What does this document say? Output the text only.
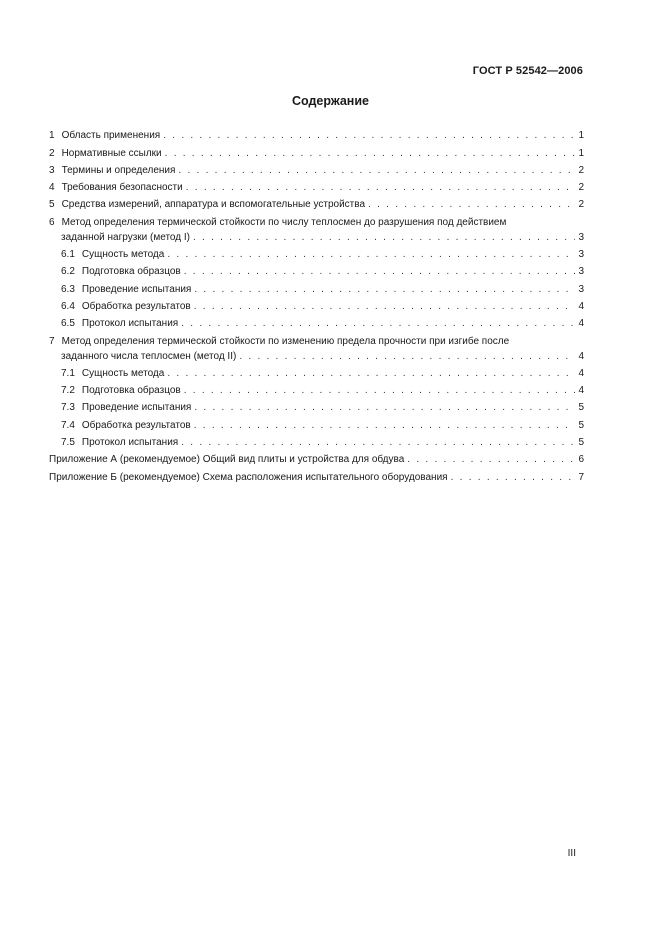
ГОСТ Р 52542—2006
Содержание
1 Область применения . . .	1
2 Нормативные ссылки . . .	1
3 Термины и определения . . .	2
4 Требования безопасности . . .	2
5 Средства измерений, аппаратура и вспомогательные устройства . . .	2
6 Метод определения термической стойкости по числу теплосмен до разрушения под действием
заданной нагрузки (метод I) . . .	3
6.1 Сущность метода . . .	3
6.2 Подготовка образцов . . .	3
6.3 Проведение испытания . . .	3
6.4 Обработка результатов . . .	4
6.5 Протокол испытания . . .	4
7 Метод определения термической стойкости по изменению предела прочности при изгибе после
заданного числа теплосмен (метод II) . . .	4
7.1 Сущность метода . . .	4
7.2 Подготовка образцов . . .	4
7.3 Проведение испытания . . .	5
7.4 Обработка результатов . . .	5
7.5 Протокол испытания . . .	5
Приложение А (рекомендуемое) Общий вид плиты и устройства для обдува . . .	6
Приложение Б (рекомендуемое) Схема расположения испытательного оборудования . . .	7
III
